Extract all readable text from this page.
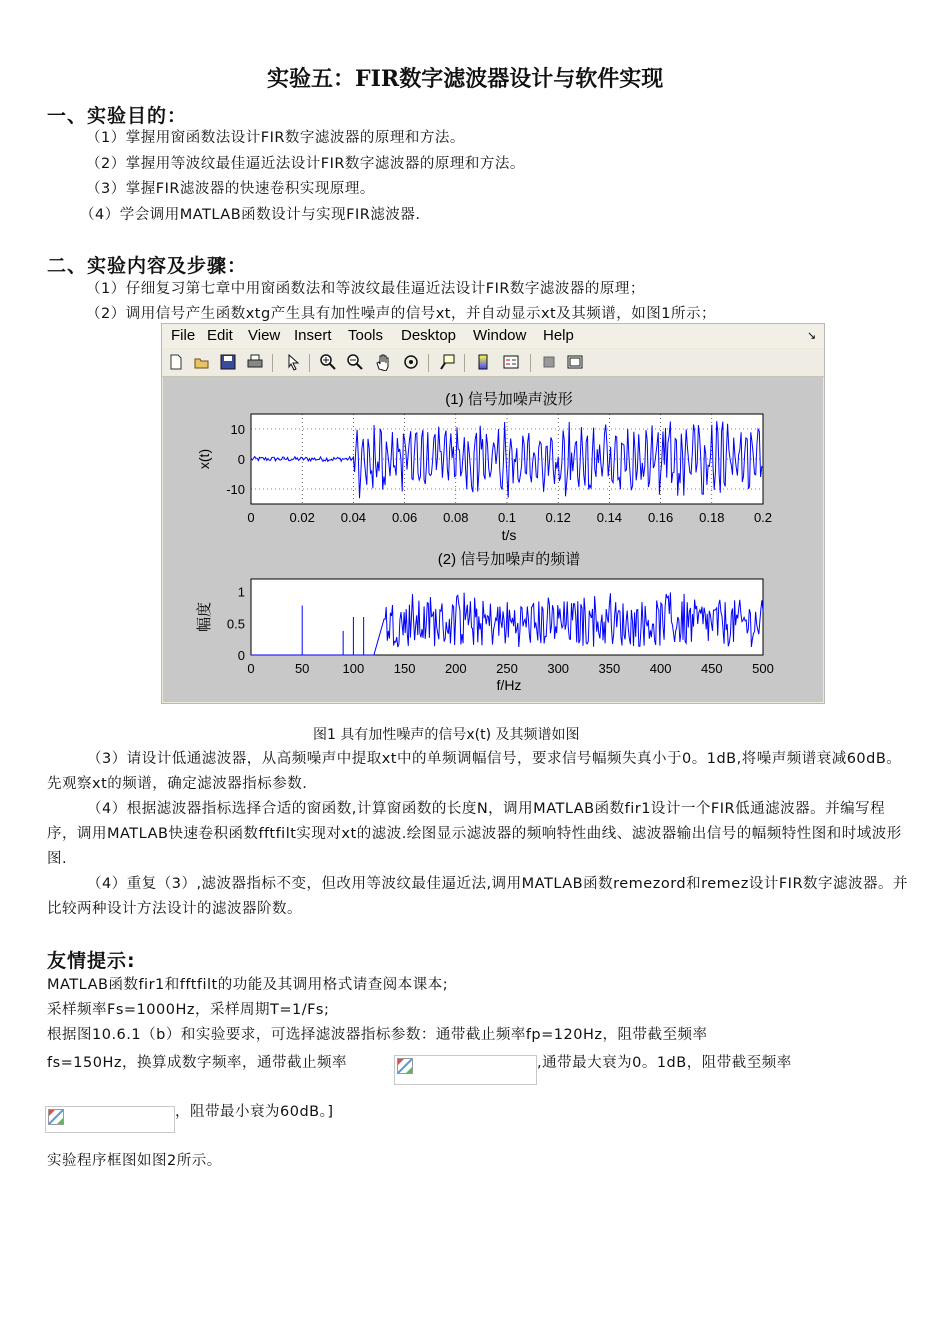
实验五：FIR数字滤波器设计与软件实现
一、实验目的：
（1）掌握用窗函数法设计FIR数字滤波器的原理和方法。
（2）掌握用等波纹最佳逼近法设计FIR数字滤波器的原理和方法。
（3）掌握FIR滤波器的快速卷积实现原理。
（4）学会调用MATLAB函数设计与实现FIR滤波器.
二、实验内容及步骤：
（1）仔细复习第七章中用窗函数法和等波纹最佳逼近法设计FIR数字滤波器的原理；
（2）调用信号产生函数xtg产生具有加性噪声的信号xt，并自动显示xt及其频谱，如图1所示；
File Edit View Insert Tools Desktop Window Help	↘
(1) 信号加噪声波形
0	0.02 0.04 0.06 0.08 0.1 0.12 0.14 0.16 0.18 0.2
10
0
-10
t/s
x(t)
(2) 信号加噪声的频谱
0	50	100 150 200 250 300 350 400 450 500
1
0.5
0
f/Hz
幅度
图1 具有加性噪声的信号x(t) 及其频谱如图
（3）请设计低通滤波器，从高频噪声中提取xt中的单频调幅信号，要求信号幅频失真小于0。1dB,将噪声频谱衰减60dB。先观察xt的频谱，确定滤波器指标参数.
（4）根据滤波器指标选择合适的窗函数,计算窗函数的长度N，调用MATLAB函数fir1设计一个FIR低通滤波器。并编写程序，调用MATLAB快速卷积函数fftfilt实现对xt的滤波.绘图显示滤波器的频响特性曲线、滤波器输出信号的幅频特性图和时域波形图.
（4）重复（3）,滤波器指标不变，但改用等波纹最佳逼近法,调用MATLAB函数remezord和remez设计FIR数字滤波器。并比较两种设计方法设计的滤波器阶数。
友情提示:
MATLAB函数fir1和fftfilt的功能及其调用格式请查阅本课本;
采样频率Fs=1000Hz，采样周期T=1/Fs;
根据图10.6.1（b）和实验要求，可选择滤波器指标参数：通带截止频率fp=120Hz，阻带截至频率
fs=150Hz，换算成数字频率，通带截止频率	,通带最大衰为0。1dB，阻带截至频率
，阻带最小衰为60dB。]
实验程序框图如图2所示。
